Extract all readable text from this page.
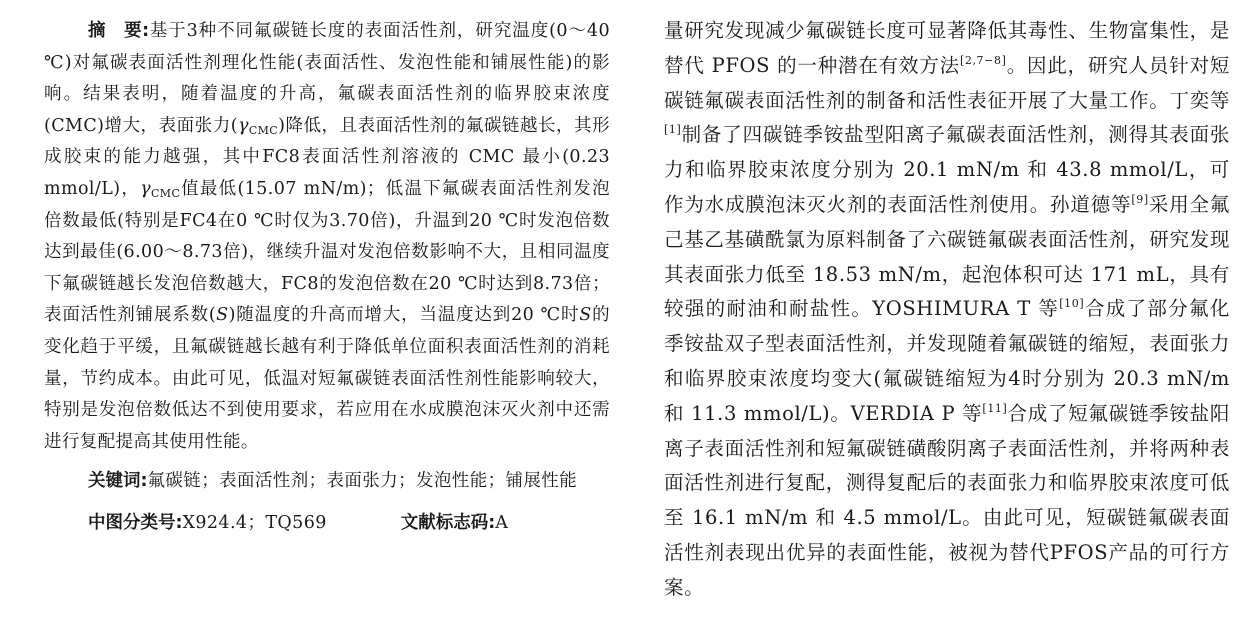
摘　要:基于3种不同氟碳链长度的表面活性剂，研究温度(0～40 ℃)对氟碳表面活性剂理化性能(表面活性、发泡性能和铺展性能)的影响。结果表明，随着温度的升高，氟碳表面活性剂的临界胶束浓度(CMC)增大，表面张力$(\gamma_{CMC})$降低，且表面活性剂的氟碳链越长，其形成胶束的能力越强，其中FC8表面活性剂溶液的 CMC 最小(0.23 mmol/L)，$\gamma_{CMC}$值最低(15.07 mN/m)；低温下氟碳表面活性剂发泡倍数最低(特别是FC4在0 ℃时仅为3.70倍)，升温到20 ℃时发泡倍数达到最佳(6.00～8.73倍)，继续升温对发泡倍数影响不大，且相同温度下氟碳链越长发泡倍数越大，FC8的发泡倍数在20 ℃时达到8.73倍；表面活性剂铺展系数(S)随温度的升高而增大，当温度达到20 ℃时S的变化趋于平缓，且氟碳链越长越有利于降低单位面积表面活性剂的消耗量，节约成本。由此可见，低温对短氟碳链表面活性剂性能影响较大，特别是发泡倍数低达不到使用要求，若应用在水成膜泡沫灭火剂中还需进行复配提高其使用性能。

关键词:氟碳链；表面活性剂；表面张力；发泡性能；铺展性能

中图分类号:X924.4；TQ569	文献标志码:A

量研究发现减少氟碳链长度可显著降低其毒性、生物富集性，是替代 PFOS 的一种潜在有效方法[2,7−8]。因此，研究人员针对短碳链氟碳表面活性剂的制备和活性表征开展了大量工作。丁奕等[1]制备了四碳链季铵盐型阳离子氟碳表面活性剂，测得其表面张力和临界胶束浓度分别为 20.1 mN/m 和 43.8 mmol/L，可作为水成膜泡沫灭火剂的表面活性剂使用。孙道德等[9]采用全氟己基乙基磺酰氯为原料制备了六碳链氟碳表面活性剂，研究发现其表面张力低至 18.53 mN/m，起泡体积可达 171 mL，具有较强的耐油和耐盐性。YOSHIMURA T 等[10]合成了部分氟化季铵盐双子型表面活性剂，并发现随着氟碳链的缩短，表面张力和临界胶束浓度均变大(氟碳链缩短为4时分别为 20.3 mN/m 和 11.3 mmol/L)。VERDIA P 等[11]合成了短氟碳链季铵盐阳离子表面活性剂和短氟碳链磺酸阴离子表面活性剂，并将两种表面活性剂进行复配，测得复配后的表面张力和临界胶束浓度可低至 16.1 mN/m 和 4.5 mmol/L。由此可见，短碳链氟碳表面活性剂表现出优异的表面性能，被视为替代PFOS产品的可行方案。
